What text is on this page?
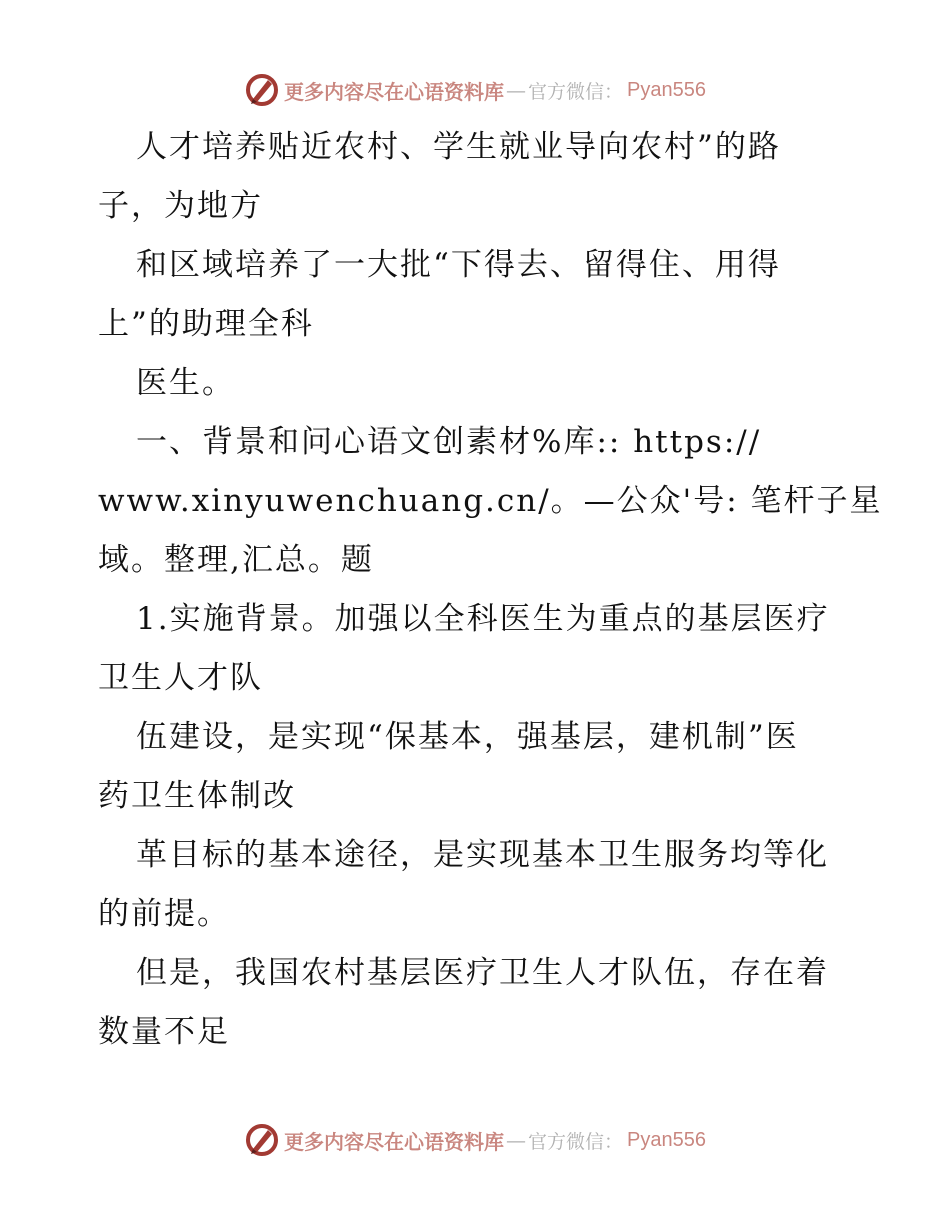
更多内容尽在心语资料库 — 官方微信： Pyan556
人才培养贴近农村、学生就业导向农村”的路
子，为地方
和区域培养了一大批“下得去、留得住、用得
上”的助理全科
医生。
一、背景和问心语文创素材%库:: https://
www.xinyuwenchuang.cn/。—公众'号: 笔杆子星
域。整理,汇总。题
1.实施背景。加强以全科医生为重点的基层医疗
卫生人才队
伍建设，是实现“保基本，强基层，建机制”医
药卫生体制改
革目标的基本途径，是实现基本卫生服务均等化
的前提。
但是，我国农村基层医疗卫生人才队伍，存在着
数量不足
更多内容尽在心语资料库 — 官方微信： Pyan556
